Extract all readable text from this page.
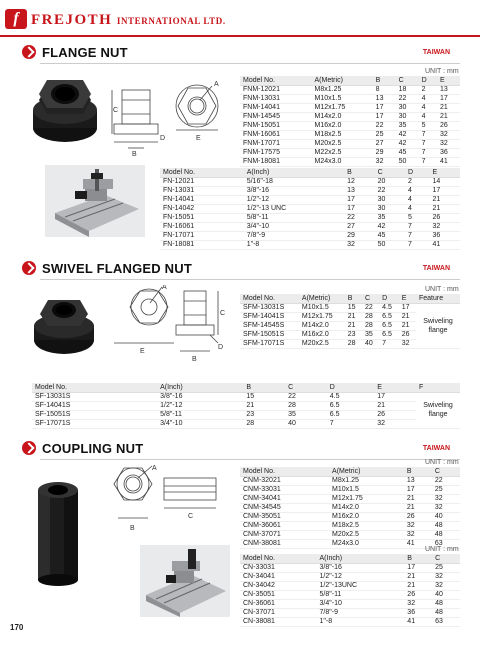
f FREJOTH INTERNATIONAL LTD.
FLANGE NUT	TAIWAN
C
B
D
A
E
UNIT : mm
Model No.	A(Metric)	B	C	D	E
FNM-12021	M8x1.25	8	18	2	13
FNM-13031	M10x1.5	13	22	4	17
FNM-14041	M12x1.75	17	30	4	21
FNM-14545	M14x2.0	17	30	4	21
FNM-15051	M16x2.0	22	35	5	26
FNM-16061	M18x2.5	25	42	7	32
FNM-17071	M20x2.5	27	42	7	32
FNM-17575	M22x2.5	29	45	7	36
FNM-18081	M24x3.0	32	50	7	41
Model No.	A(Inch)	B	C	D	E
FN-12021	5/16"-18	12	20	2	14
FN-13031	3/8"-16	13	22	4	17
FN-14041	1/2"-12	17	30	4	21
FN-14042	1/2"-13 UNC	17	30	4	21
FN-15051	5/8"-11	22	35	5	26
FN-16061	3/4"-10	27	42	7	32
FN-17071	7/8"-9	29	45	7	36
FN-18081	1"-8	32	50	7	41
SWIVEL FLANGED NUT	TAIWAN
A
C
E
B
D
UNIT : mm
Model No.	A(Metric)	B	C	D	E	Feature
SFM-13031S	M10x1.5	15	22	4.5	17	Swiveling flange
SFM-14041S	M12x1.75	21	28	6.5	21	
SFM-14545S	M14x2.0	21	28	6.5	21	
SFM-15051S	M16x2.0	23	35	6.5	26	
SFM-17071S	M20x2.5	28	40	7	32	
Model No.	A(Inch)	B	C	D	E	F
SF-13031S	3/8"-16	15	22	4.5	17	Swiveling flange
SF-14041S	1/2"-12	21	28	6.5	21	
SF-15051S	5/8"-11	23	35	6.5	26	
SF-17071S	3/4"-10	28	40	7	32	
COUPLING NUT	TAIWAN
A
B
C
UNIT : mm
Model No.	A(Metric)	B	C
CNM-32021	M8x1.25	13	22
CNM-33031	M10x1.5	17	25
CNM-34041	M12x1.75	21	32
CNM-34545	M14x2.0	21	32
CNM-35051	M16x2.0	26	40
CNM-36061	M18x2.5	32	48
CNM-37071	M20x2.5	32	48
CNM-38081	M24x3.0	41	63
UNIT : mm
Model No.	A(Inch)	B	C
CN-33031	3/8"-16	17	25
CN-34041	1/2"-12	21	32
CN-34042	1/2"-13UNC	21	32
CN-35051	5/8"-11	26	40
CN-36061	3/4"-10	32	48
CN-37071	7/8"-9	36	48
CN-38081	1"-8	41	63
170
